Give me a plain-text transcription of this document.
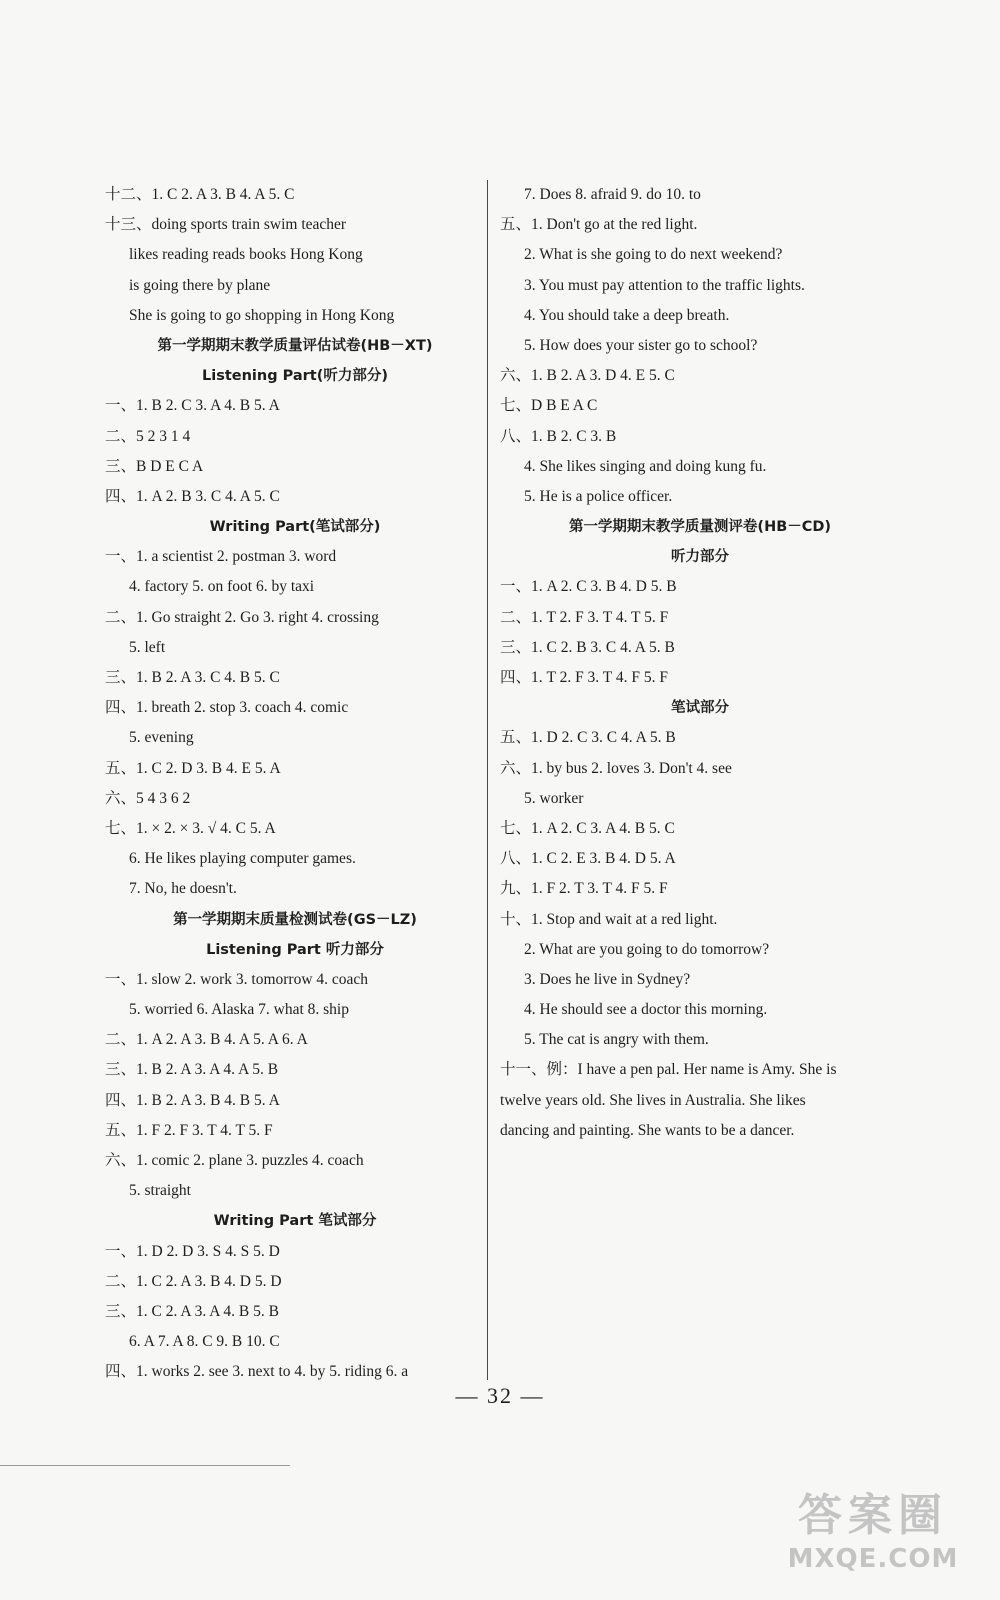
十二、1. C 2. A 3. B 4. A 5. C
十三、doing sports train swim teacher
likes reading reads books Hong Kong
is going there by plane
She is going to go shopping in Hong Kong
第一学期期末教学质量评估试卷(HB－XT)
Listening Part(听力部分)
一、1. B 2. C 3. A 4. B 5. A
二、5 2 3 1 4
三、B D E C A
四、1. A 2. B 3. C 4. A 5. C
Writing Part(笔试部分)
一、1. a scientist 2. postman 3. word
4. factory 5. on foot 6. by taxi
二、1. Go straight 2. Go 3. right 4. crossing
5. left
三、1. B 2. A 3. C 4. B 5. C
四、1. breath 2. stop 3. coach 4. comic
5. evening
五、1. C 2. D 3. B 4. E 5. A
六、5 4 3 6 2
七、1. × 2. × 3. √ 4. C 5. A
6. He likes playing computer games.
7. No, he doesn't.
第一学期期末质量检测试卷(GS－LZ)
Listening Part 听力部分
一、1. slow 2. work 3. tomorrow 4. coach
5. worried 6. Alaska 7. what 8. ship
二、1. A 2. A 3. B 4. A 5. A 6. A
三、1. B 2. A 3. A 4. A 5. B
四、1. B 2. A 3. B 4. B 5. A
五、1. F 2. F 3. T 4. T 5. F
六、1. comic 2. plane 3. puzzles 4. coach
5. straight
Writing Part 笔试部分
一、1. D 2. D 3. S 4. S 5. D
二、1. C 2. A 3. B 4. D 5. D
三、1. C 2. A 3. A 4. B 5. B
6. A 7. A 8. C 9. B 10. C
四、1. works 2. see 3. next to 4. by 5. riding 6. a
7. Does 8. afraid 9. do 10. to
五、1. Don't go at the red light.
2. What is she going to do next weekend?
3. You must pay attention to the traffic lights.
4. You should take a deep breath.
5. How does your sister go to school?
六、1. B 2. A 3. D 4. E 5. C
七、D B E A C
八、1. B 2. C 3. B
4. She likes singing and doing kung fu.
5. He is a police officer.
第一学期期末教学质量测评卷(HB－CD)
听力部分
一、1. A 2. C 3. B 4. D 5. B
二、1. T 2. F 3. T 4. T 5. F
三、1. C 2. B 3. C 4. A 5. B
四、1. T 2. F 3. T 4. F 5. F
笔试部分
五、1. D 2. C 3. C 4. A 5. B
六、1. by bus 2. loves 3. Don't 4. see
5. worker
七、1. A 2. C 3. A 4. B 5. C
八、1. C 2. E 3. B 4. D 5. A
九、1. F 2. T 3. T 4. F 5. F
十、1. Stop and wait at a red light.
2. What are you going to do tomorrow?
3. Does he live in Sydney?
4. He should see a doctor this morning.
5. The cat is angry with them.
十一、例：I have a pen pal. Her name is Amy. She is
twelve years old. She lives in Australia. She likes
dancing and painting. She wants to be a dancer.
— 32 —
答案圈
MXQE.COM
